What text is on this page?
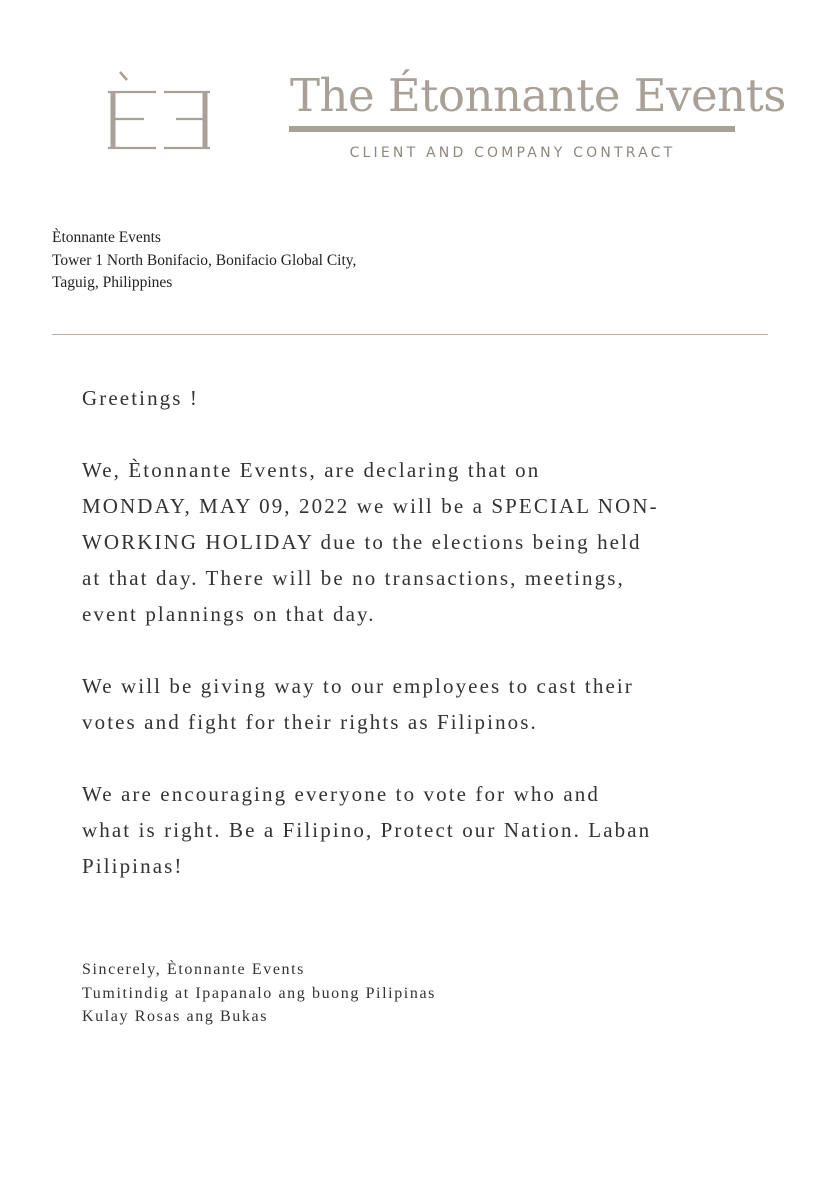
The Étonnante Events
CLIENT AND COMPANY CONTRACT
Ètonnante Events
Tower 1 North Bonifacio, Bonifacio Global City,
Taguig, Philippines

Greetings !

We, Ètonnante Events, are declaring that on
MONDAY, MAY 09, 2022 we will be a SPECIAL NON-
WORKING HOLIDAY due to the elections being held
at that day. There will be no transactions, meetings,
event plannings on that day.

We will be giving way to our employees to cast their
votes and fight for their rights as Filipinos.

We are encouraging everyone to vote for who and
what is right. Be a Filipino, Protect our Nation. Laban
Pilipinas!

Sincerely, Ètonnante Events
Tumitindig at Ipapanalo ang buong Pilipinas
Kulay Rosas ang Bukas
